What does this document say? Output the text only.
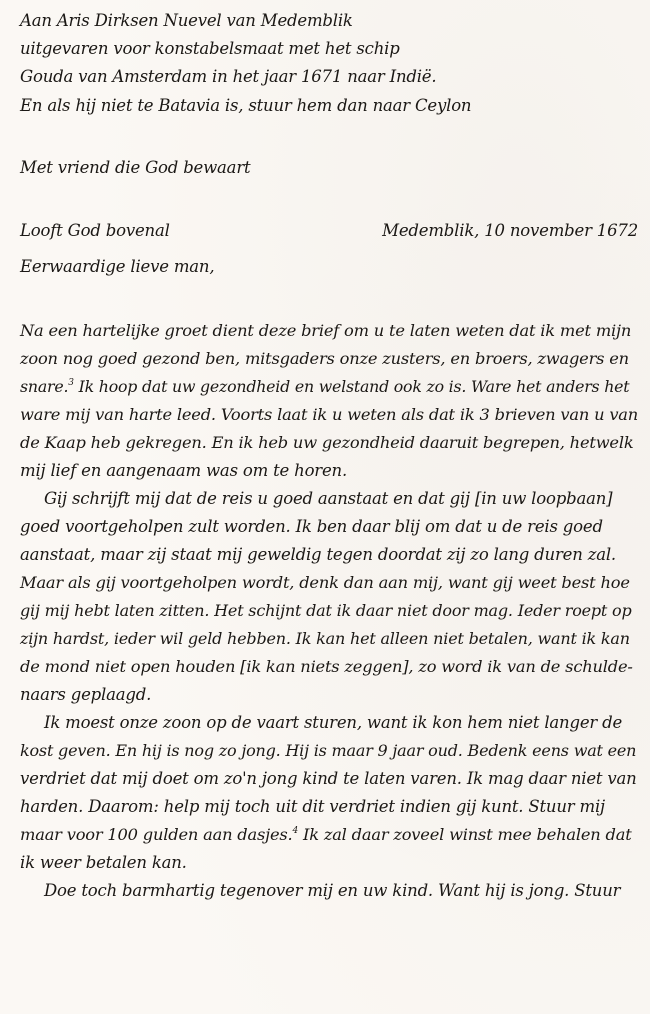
Aan Aris Dirksen Nuevel van Medemblik
uitgevaren voor konstabelsmaat met het schip
Gouda van Amsterdam in het jaar 1671 naar Indië.
En als hij niet te Batavia is, stuur hem dan naar Ceylon
Met vriend die God bewaart
Looft God bovenal	Medemblik, 10 november 1672
Eerwaardige lieve man,
Na een hartelijke groet dient deze brief om u te laten weten dat ik met mijn
zoon nog goed gezond ben, mitsgaders onze zusters, en broers, zwagers en
snare.$^3$ Ik hoop dat uw gezondheid en welstand ook zo is. Ware het anders het
ware mij van harte leed. Voorts laat ik u weten als dat ik 3 brieven van u van
de Kaap heb gekregen. En ik heb uw gezondheid daaruit begrepen, hetwelk
mij lief en aangenaam was om te horen.
Gij schrijft mij dat de reis u goed aanstaat en dat gij [in uw loopbaan]
goed voortgeholpen zult worden. Ik ben daar blij om dat u de reis goed
aanstaat, maar zij staat mij geweldig tegen doordat zij zo lang duren zal.
Maar als gij voortgeholpen wordt, denk dan aan mij, want gij weet best hoe
gij mij hebt laten zitten. Het schijnt dat ik daar niet door mag. Ieder roept op
zijn hardst, ieder wil geld hebben. Ik kan het alleen niet betalen, want ik kan
de mond niet open houden [ik kan niets zeggen], zo word ik van de schulde-
naars geplaagd.
Ik moest onze zoon op de vaart sturen, want ik kon hem niet langer de
kost geven. En hij is nog zo jong. Hij is maar 9 jaar oud. Bedenk eens wat een
verdriet dat mij doet om zo'n jong kind te laten varen. Ik mag daar niet van
harden. Daarom: help mij toch uit dit verdriet indien gij kunt. Stuur mij
maar voor 100 gulden aan dasjes.$^4$ Ik zal daar zoveel winst mee behalen dat
ik weer betalen kan.
Doe toch barmhartig tegenover mij en uw kind. Want hij is jong. Stuur
